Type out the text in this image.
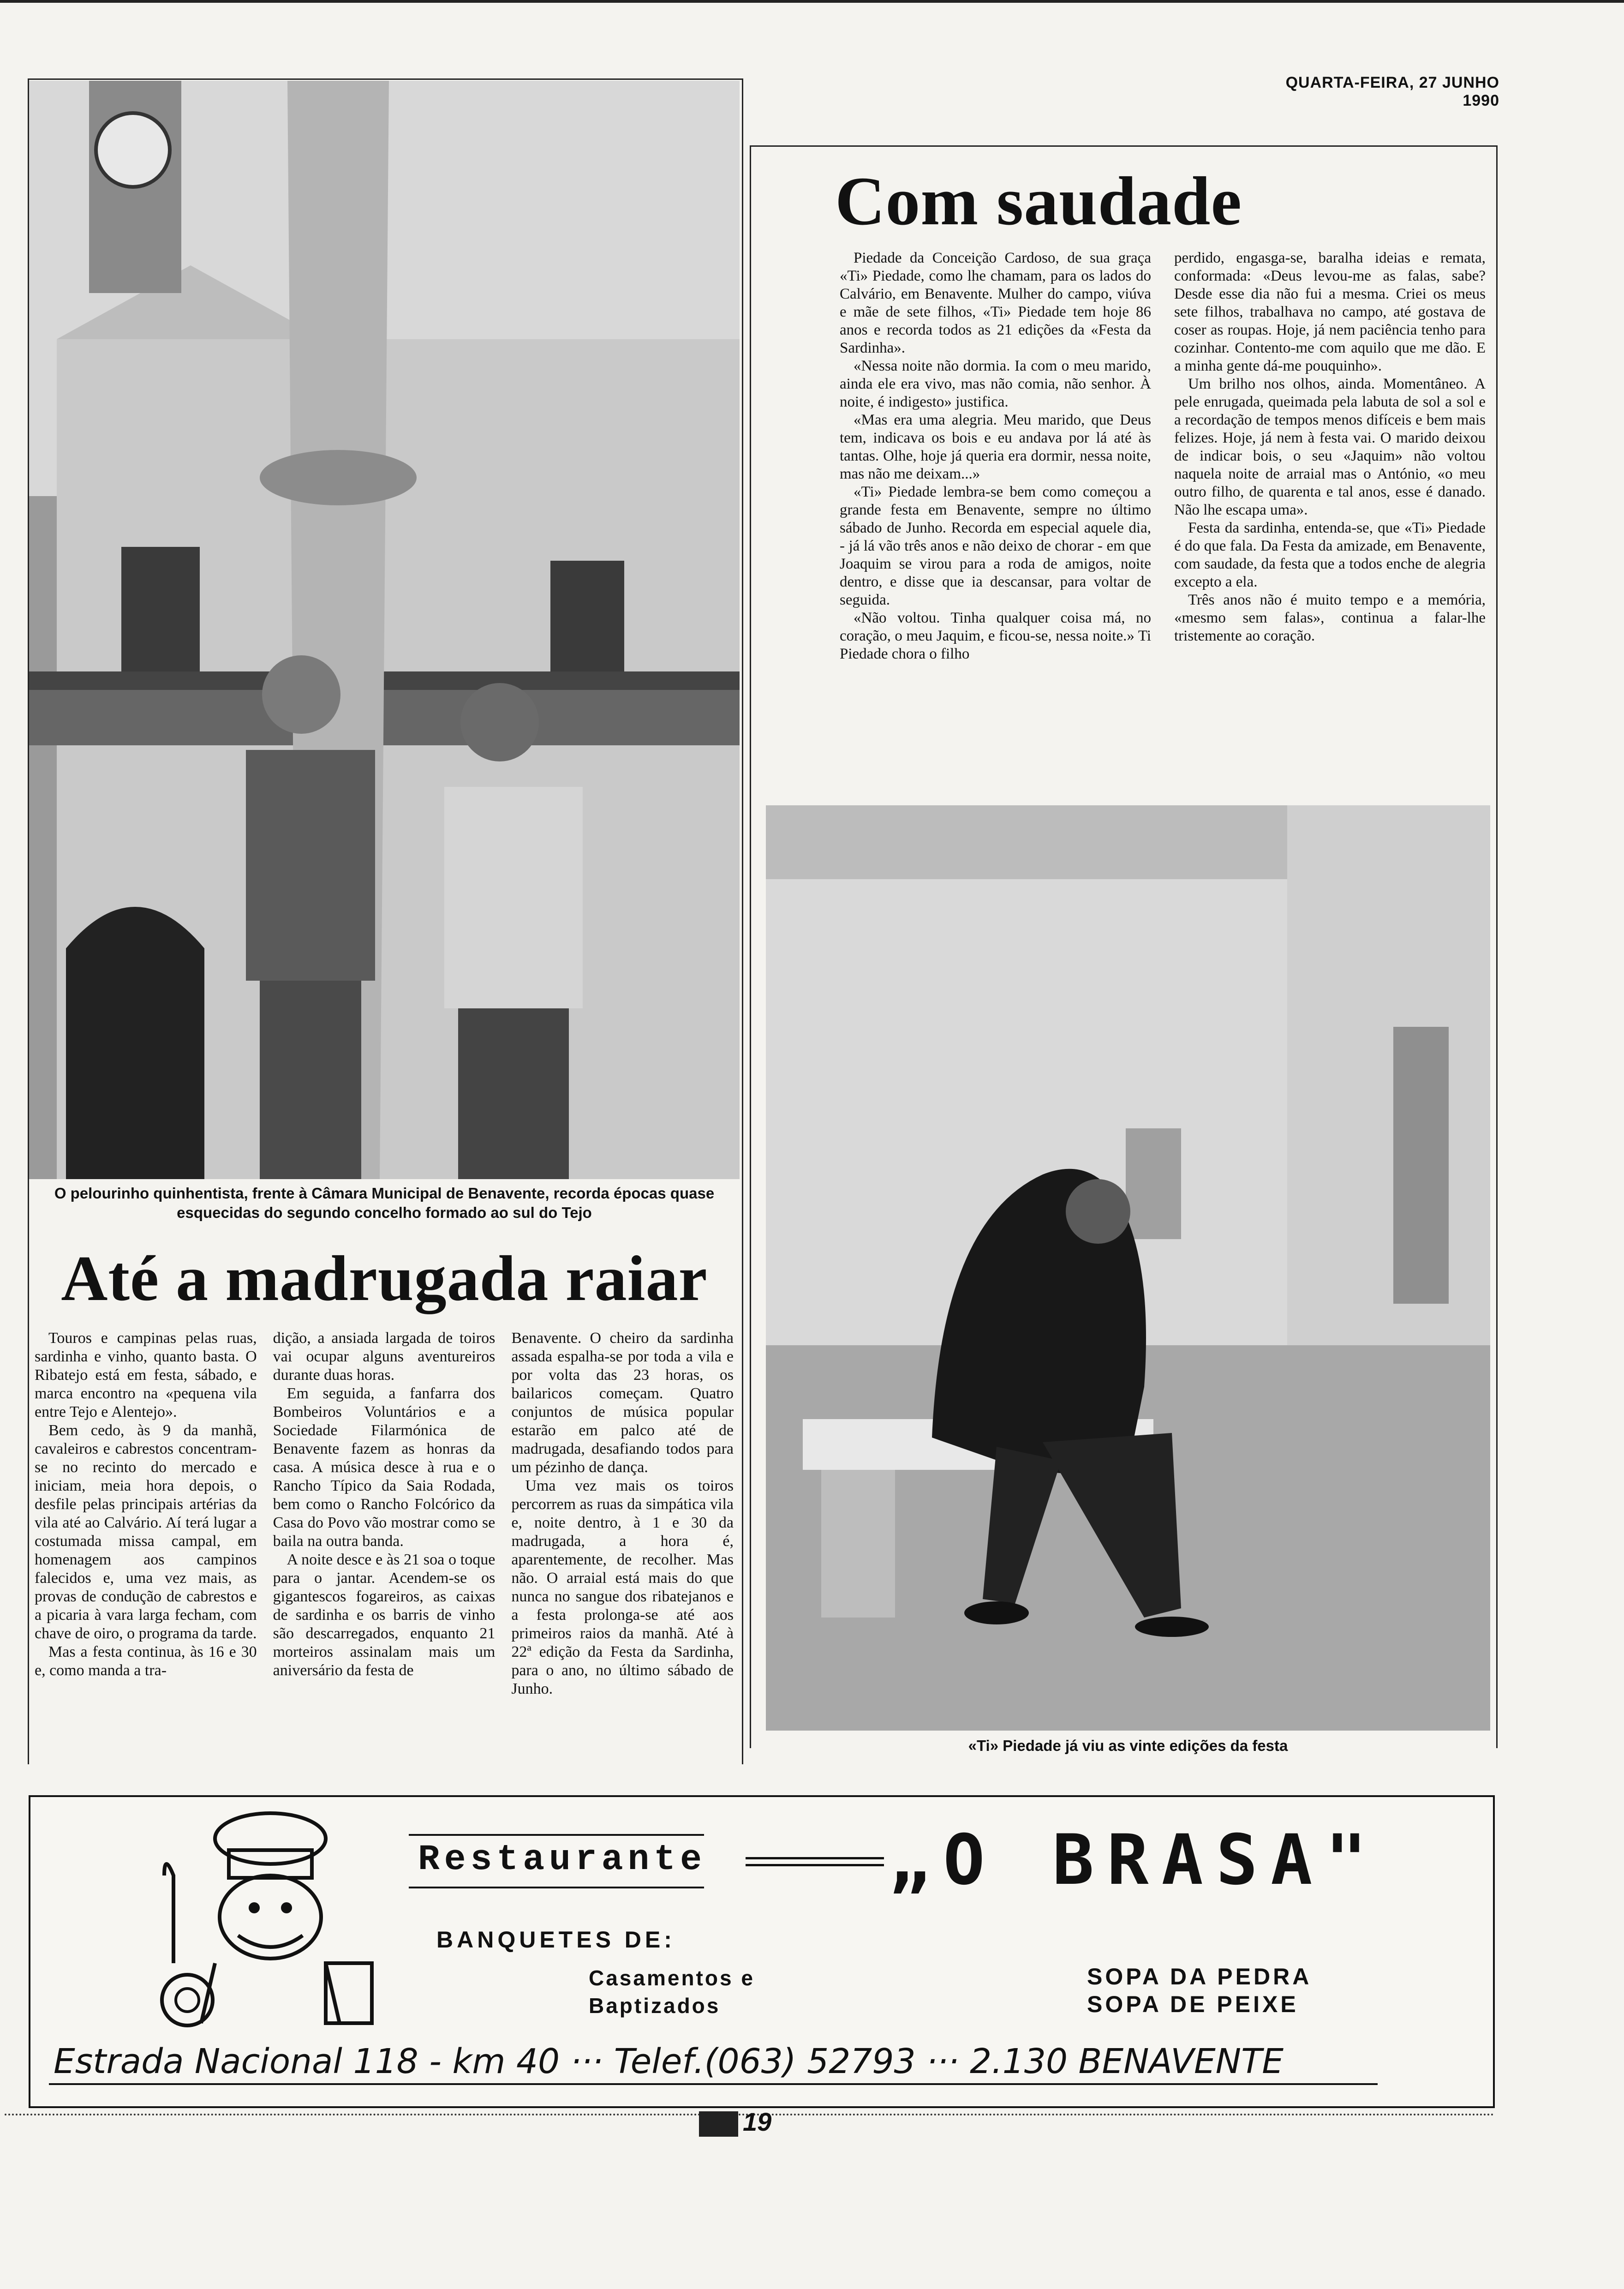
QUARTA-FEIRA, 27 JUNHO 1990
O pelourinho quinhentista, frente à Câmara Municipal de Benavente, recorda épocas quase esquecidas do segundo concelho formado ao sul do Tejo
Até a madrugada raiar

Touros e campinas pelas ruas, sardinha e vinho, quanto basta. O Ribatejo está em festa, sábado, e marca encontro na «pequena vila entre Tejo e Alentejo».

Bem cedo, às 9 da manhã, cavaleiros e cabrestos concentram-se no recinto do mercado e iniciam, meia hora depois, o desfile pelas principais artérias da vila até ao Calvário. Aí terá lugar a costumada missa campal, em homenagem aos campinos falecidos e, uma vez mais, as provas de condução de cabrestos e a picaria à vara larga fecham, com chave de oiro, o programa da tarde.

Mas a festa continua, às 16 e 30 e, como manda a tra-

dição, a ansiada largada de toiros vai ocupar alguns aventureiros durante duas horas.

Em seguida, a fanfarra dos Bombeiros Voluntários e a Sociedade Filarmónica de Benavente fazem as honras da casa. A música desce à rua e o Rancho Típico da Saia Rodada, bem como o Rancho Folcórico da Casa do Povo vão mostrar como se baila na outra banda.

A noite desce e às 21 soa o toque para o jantar. Acendem-se os gigantescos fogareiros, as caixas de sardinha e os barris de vinho são descarregados, enquanto 21 morteiros assinalam mais um aniversário da festa de

Benavente. O cheiro da sardinha assada espalha-se por toda a vila e por volta das 23 horas, os bailaricos começam. Quatro conjuntos de música popular estarão em palco até de madrugada, desafiando todos para um pézinho de dança.

Uma vez mais os toiros percorrem as ruas da simpática vila e, noite dentro, à 1 e 30 da madrugada, a hora é, aparentemente, de recolher. Mas não. O arraial está mais do que nunca no sangue dos ribatejanos e a festa prolonga-se até aos primeiros raios da manhã. Até à 22ª edição da Festa da Sardinha, para o ano, no último sábado de Junho.

Com saudade

Piedade da Conceição Cardoso, de sua graça «Ti» Piedade, como lhe chamam, para os lados do Calvário, em Benavente. Mulher do campo, viúva e mãe de sete filhos, «Ti» Piedade tem hoje 86 anos e recorda todos as 21 edições da «Festa da Sardinha».

«Nessa noite não dormia. Ia com o meu marido, ainda ele era vivo, mas não comia, não senhor. À noite, é indigesto» justifica.

«Mas era uma alegria. Meu marido, que Deus tem, indicava os bois e eu andava por lá até às tantas. Olhe, hoje já queria era dormir, nessa noite, mas não me deixam...»

«Ti» Piedade lembra-se bem como começou a grande festa em Benavente, sempre no último sábado de Junho. Recorda em especial aquele dia, - já lá vão três anos e não deixo de chorar - em que Joaquim se virou para a roda de amigos, noite dentro, e disse que ia descansar, para voltar de seguida.

«Não voltou. Tinha qualquer coisa má, no coração, o meu Jaquim, e ficou-se, nessa noite.» Ti Piedade chora o filho

perdido, engasga-se, baralha ideias e remata, conformada: «Deus levou-me as falas, sabe? Desde esse dia não fui a mesma. Criei os meus sete filhos, trabalhava no campo, até gostava de coser as roupas. Hoje, já nem paciência tenho para cozinhar. Contento-me com aquilo que me dão. E a minha gente dá-me pouquinho».

Um brilho nos olhos, ainda. Momentâneo. A pele enrugada, queimada pela labuta de sol a sol e a recordação de tempos menos difíceis e bem mais felizes. Hoje, já nem à festa vai. O marido deixou de indicar bois, o seu «Jaquim» não voltou naquela noite de arraial mas o António, «o meu outro filho, de quarenta e tal anos, esse é danado. Não lhe escapa uma».

Festa da sardinha, entenda-se, que «Ti» Piedade é do que fala. Da Festa da amizade, em Benavente, com saudade, da festa que a todos enche de alegria excepto a ela.

Três anos não é muito tempo e a memória, «mesmo sem falas», continua a falar-lhe tristemente ao coração.

«Ti» Piedade já viu as vinte edições da festa
Restaurante	„O BRASA"
BANQUETES DE:
Casamentos e
Baptizados
SOPA DA PEDRA
SOPA DE PEIXE
Estrada Nacional 118 - km 40 ··· Telef.(063) 52793 ··· 2.130 BENAVENTE
19
